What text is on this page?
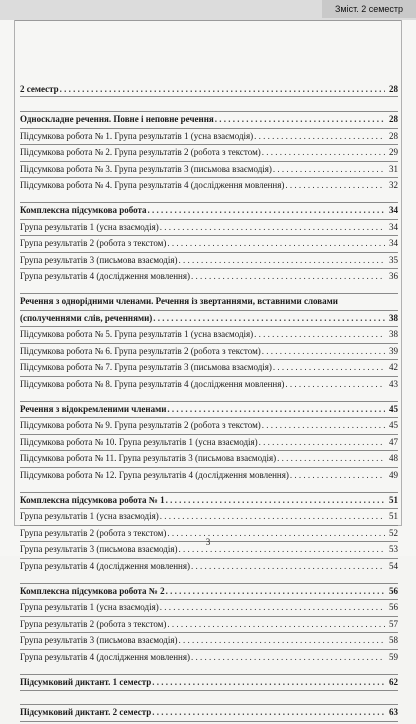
Зміст. 2 семестр
2 семестр . . .	28
Односкладне речення. Повне і неповне речення . . .	28
Підсумкова робота № 1. Група результатів 1 (усна взаємодія) . . .	28
Підсумкова робота № 2. Група результатів 2 (робота з текстом) . . .	29
Підсумкова робота № 3. Група результатів 3 (письмова взаємодія) . . .	31
Підсумкова робота № 4. Група результатів 4 (дослідження мовлення) . . .	32
Комплексна підсумкова робота . . .	34
Група результатів 1 (усна взаємодія) . . .	34
Група результатів 2 (робота з текстом) . . .	34
Група результатів 3 (письмова взаємодія) . . .	35
Група результатів 4 (дослідження мовлення) . . .	36
Речення з однорідними членами. Речення із звертаннями, вставними словами
(сполученнями слів, реченнями) . . .	38
Підсумкова робота № 5. Група результатів 1 (усна взаємодія) . . .	38
Підсумкова робота № 6. Група результатів 2 (робота з текстом) . . .	39
Підсумкова робота № 7. Група результатів 3 (письмова взаємодія) . . .	42
Підсумкова робота № 8. Група результатів 4 (дослідження мовлення) . . .	43
Речення з відокремленими членами . . .	45
Підсумкова робота № 9. Група результатів 2 (робота з текстом) . . .	45
Підсумкова робота № 10. Група результатів 1 (усна взаємодія) . . .	47
Підсумкова робота № 11. Група результатів 3 (письмова взаємодія) . . .	48
Підсумкова робота № 12. Група результатів 4 (дослідження мовлення) . . .	49
Комплексна підсумкова робота № 1 . . .	51
Група результатів 1 (усна взаємодія) . . .	51
Група результатів 2 (робота з текстом) . . .	52
Група результатів 3 (письмова взаємодія) . . .	53
Група результатів 4 (дослідження мовлення) . . .	54
Комплексна підсумкова робота № 2 . . .	56
Група результатів 1 (усна взаємодія) . . .	56
Група результатів 2 (робота з текстом) . . .	57
Група результатів 3 (письмова взаємодія) . . .	58
Група результатів 4 (дослідження мовлення) . . .	59
Підсумковий диктант. 1 семестр . . .	62
Підсумковий диктант. 2 семестр . . .	63
3
